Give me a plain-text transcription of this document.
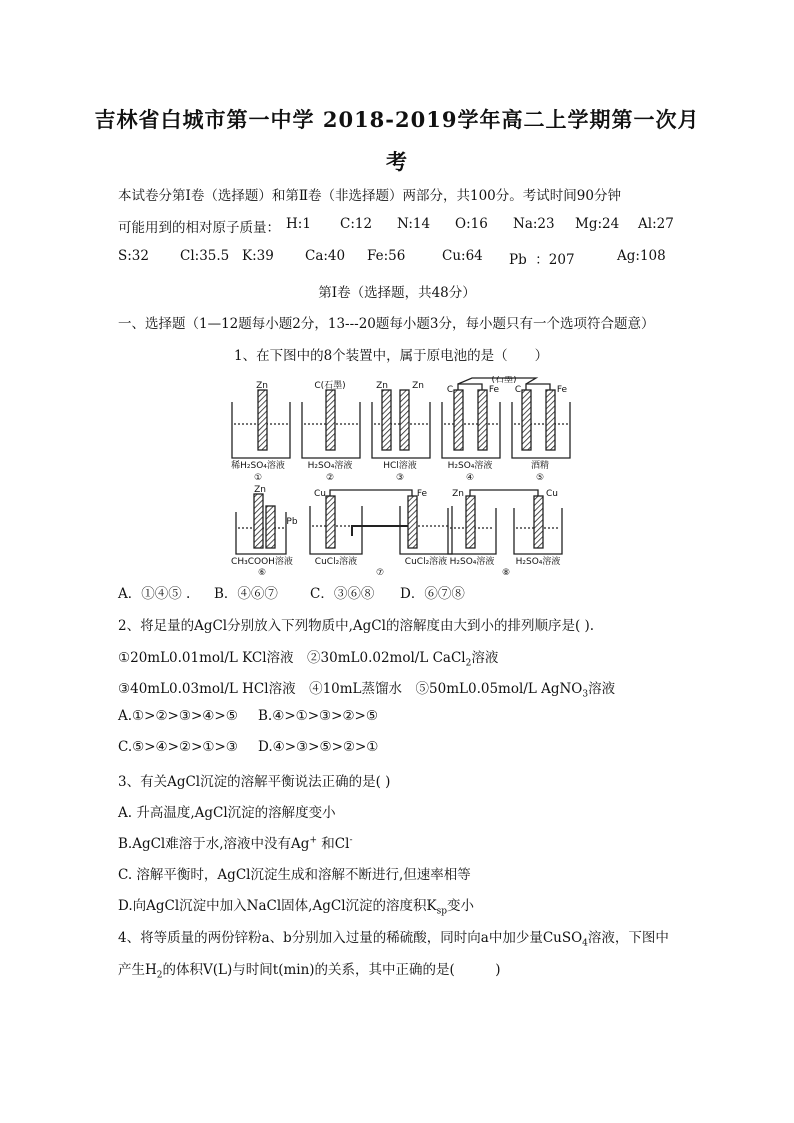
吉林省白城市第一中学 2018-2019学年高二上学期第一次月
考
本试卷分第Ⅰ卷（选择题）和第Ⅱ卷（非选择题）两部分，共100分。考试时间90分钟
可能用到的相对原子质量： H:1 C:12 N:14 O:16 Na:23 Mg:24 Al:27
S:32 Cl:35.5 K:39 Ca:40 Fe:56	Cu:64 Pb  ：207	Ag:108
第Ⅰ卷（选择题，共48分）
一、选择题（1—12题每小题2分，13---20题每小题3分，每小题只有一个选项符合题意）
1、在下图中的8个装置中，属于原电池的是（　　）
(石墨)
Zn	C(石墨)	Zn	Zn	C	Fe C	Fe
稀H₂SO₄溶液	H₂SO₄溶液	HCl溶液	H₂SO₄溶液	酒精
①	②	③	④	⑤
Zn
Pb
Cu	Fe	Zn	Cu
CH₃COOH溶液 CuCl₂溶液	CuCl₂溶液 H₂SO₄溶液 H₂SO₄溶液
⑥	⑦	⑧
A．①④⑤ . B．④⑥⑦ C．③⑥⑧ D．⑥⑦⑧
2、将足量的AgCl分别放入下列物质中,AgCl的溶解度由大到小的排列顺序是( ).
①20mL0.01mol/L KCl溶液　 ②30mL0.02mol/L CaCl$_2$溶液
③40mL0.03mol/L HCl溶液　 ④10mL蒸馏水　 ⑤50mL0.05mol/L AgNO$_3$溶液
A.①>②>③>④>⑤ B.④>①>③>②>⑤
C.⑤>④>②>①>③ D.④>③>⑤>②>①
3、有关AgCl沉淀的溶解平衡说法正确的是( )
A. 升高温度,AgCl沉淀的溶解度变小
B.AgCl难溶于水,溶液中没有Ag+ 和Cl-
C. 溶解平衡时，AgCl沉淀生成和溶解不断进行,但速率相等
D.向AgCl沉淀中加入NaCl固体,AgCl沉淀的溶度积$K_{sp}$变小
4、将等质量的两份锌粉a、b分别加入过量的稀硫酸，同时向a中加少量CuSO$_4$溶液，下图中
产生$H_2$的体积V(L)与时间t(min)的关系，其中正确的是(　　　)
